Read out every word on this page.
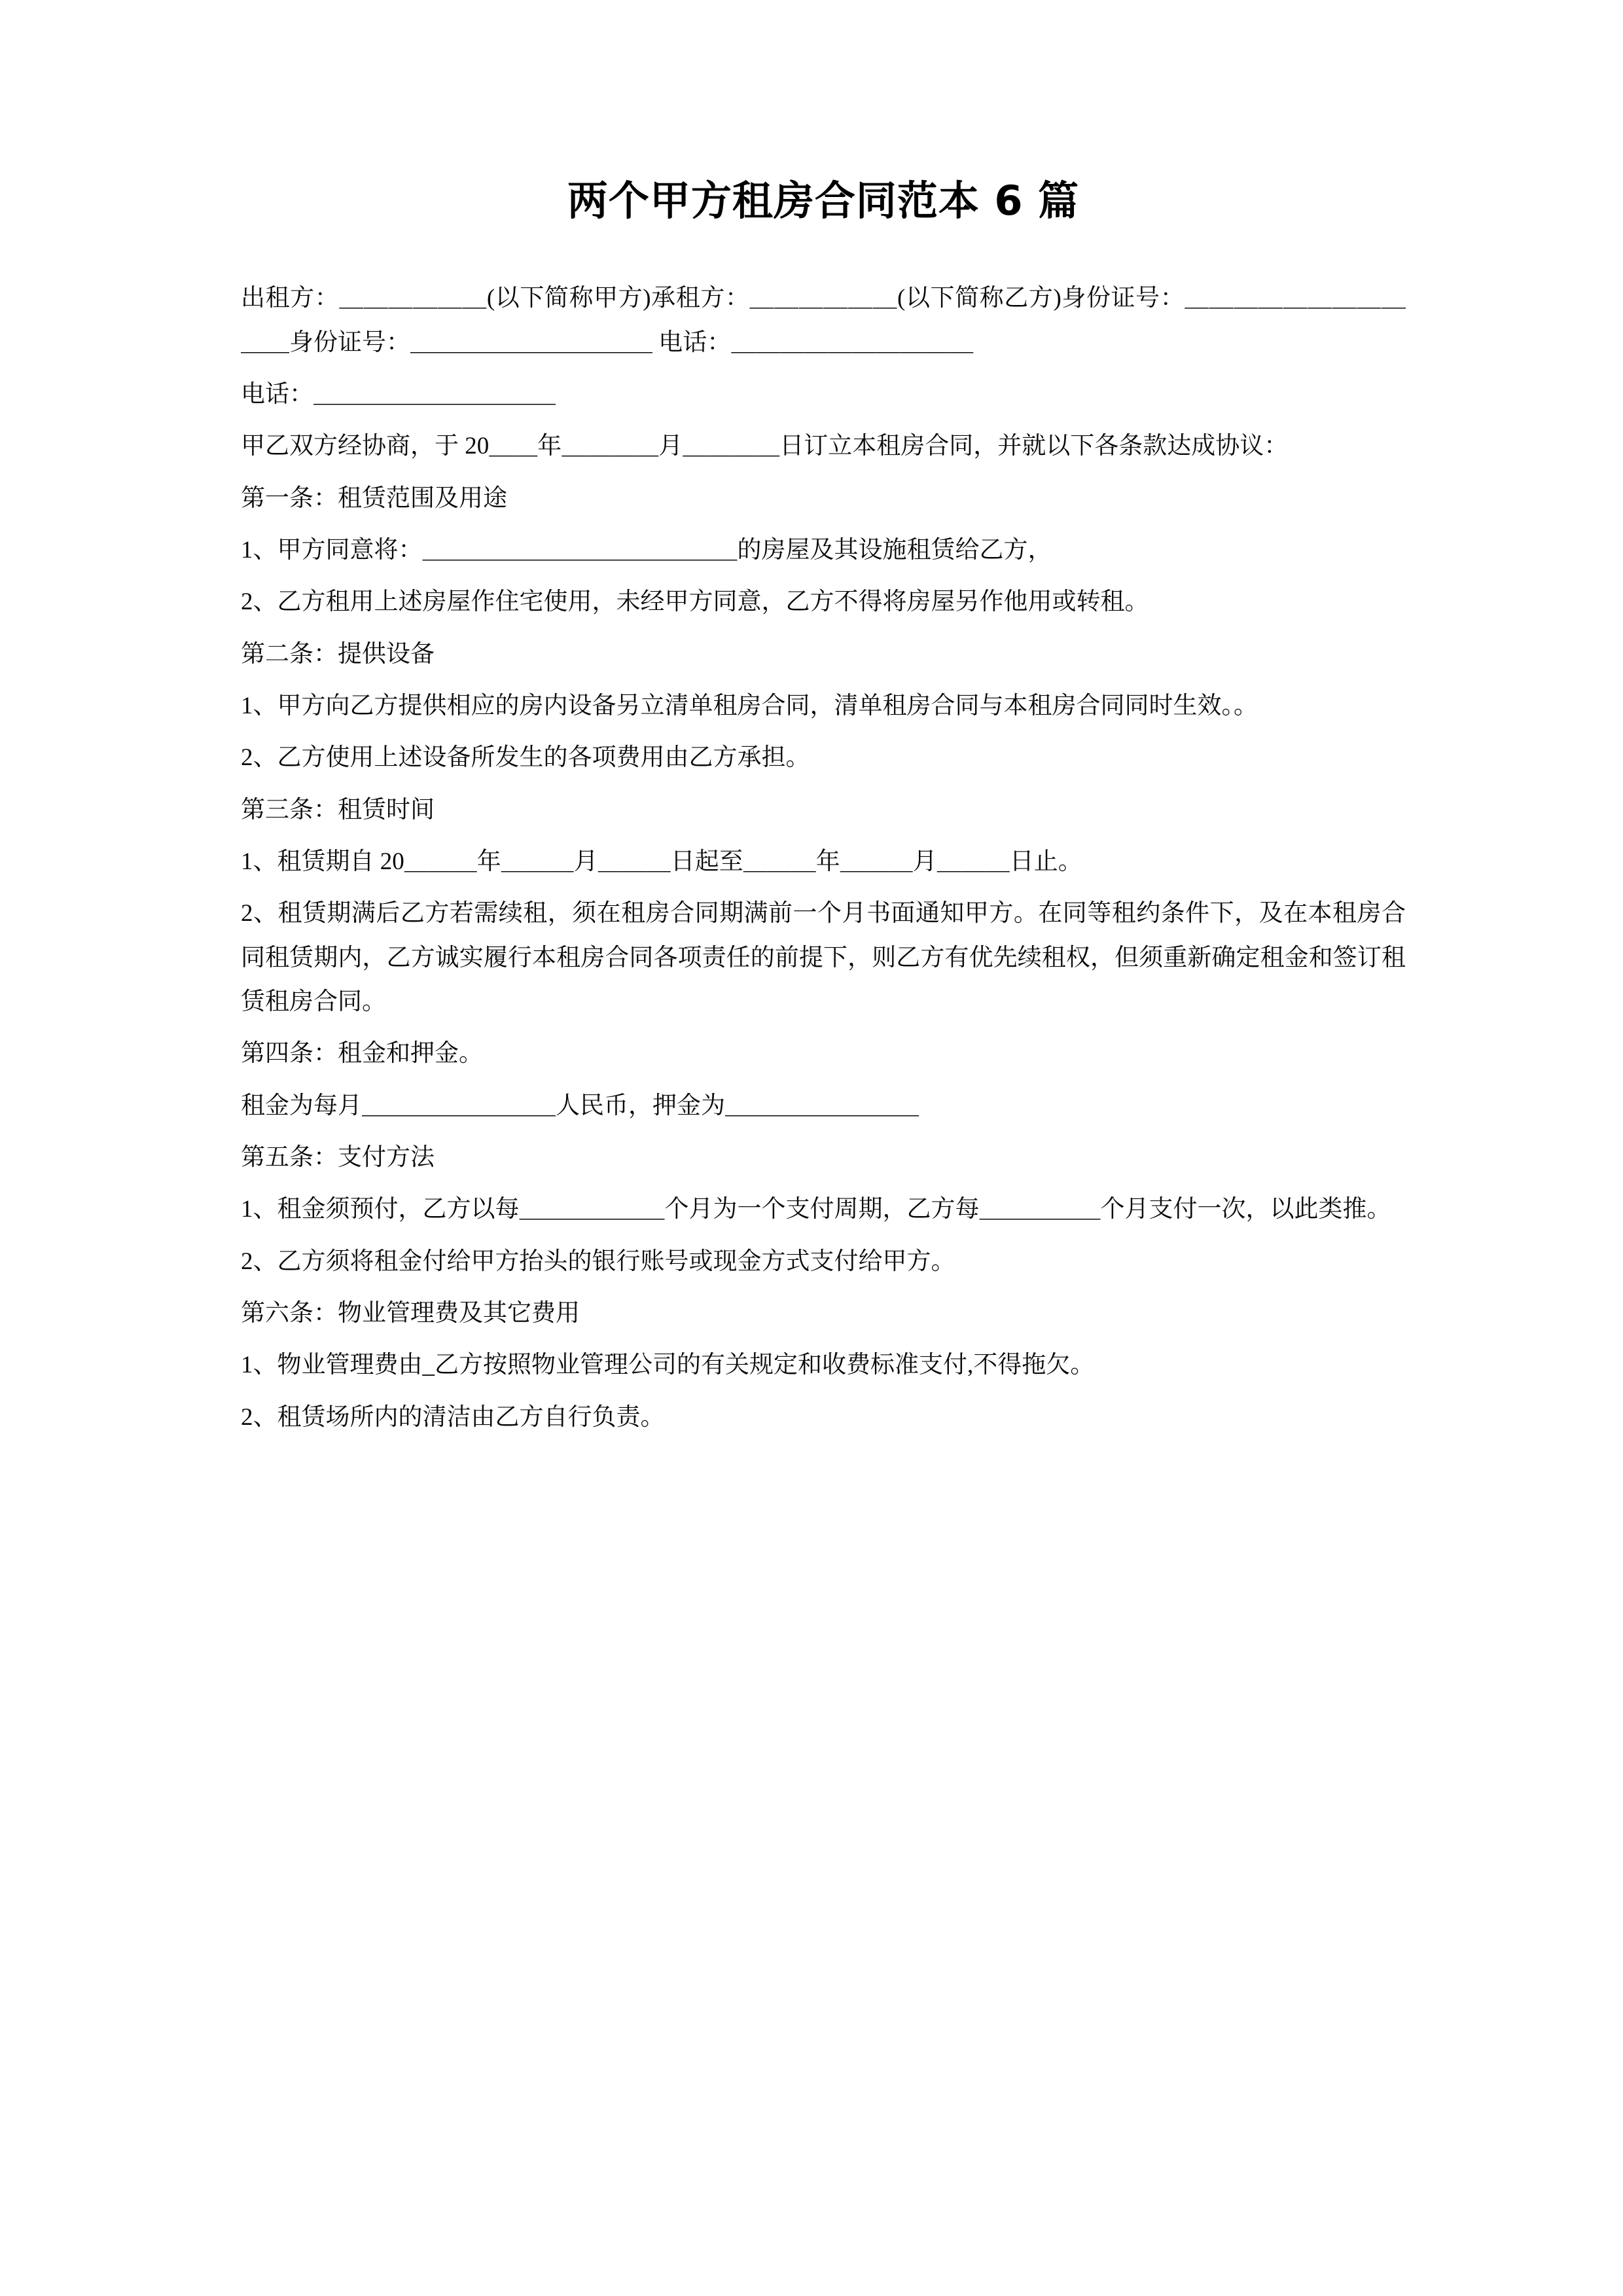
两个甲方租房合同范本 6 篇

出租方：＿＿＿＿＿＿(以下简称甲方)承租方：＿＿＿＿＿＿(以下简称乙方)身份证号：＿＿＿＿＿＿＿＿＿＿＿身份证号：＿＿＿＿＿＿＿＿＿＿ 电话：＿＿＿＿＿＿＿＿＿＿

电话：＿＿＿＿＿＿＿＿＿＿

甲乙双方经协商，于 20＿＿年＿＿＿＿月＿＿＿＿日订立本租房合同，并就以下各条款达成协议：

第一条：租赁范围及用途

1、甲方同意将：＿＿＿＿＿＿＿＿＿＿＿＿＿的房屋及其设施租赁给乙方，

2、乙方租用上述房屋作住宅使用，未经甲方同意，乙方不得将房屋另作他用或转租。

第二条：提供设备

1、甲方向乙方提供相应的房内设备另立清单租房合同，清单租房合同与本租房合同同时生效。。

2、乙方使用上述设备所发生的各项费用由乙方承担。

第三条：租赁时间

1、租赁期自 20＿＿＿年＿＿＿月＿＿＿日起至＿＿＿年＿＿＿月＿＿＿日止。

2、租赁期满后乙方若需续租，须在租房合同期满前一个月书面通知甲方。在同等租约条件下，及在本租房合同租赁期内，乙方诚实履行本租房合同各项责任的前提下，则乙方有优先续租权，但须重新确定租金和签订租赁租房合同。

第四条：租金和押金。

租金为每月＿＿＿＿＿＿＿＿人民币，押金为＿＿＿＿＿＿＿＿

第五条：支付方法

1、租金须预付，乙方以每＿＿＿＿＿＿个月为一个支付周期，乙方每＿＿＿＿＿个月支付一次，以此类推。

2、乙方须将租金付给甲方抬头的银行账号或现金方式支付给甲方。

第六条：物业管理费及其它费用

1、物业管理费由_乙方按照物业管理公司的有关规定和收费标准支付,不得拖欠。

2、租赁场所内的清洁由乙方自行负责。
